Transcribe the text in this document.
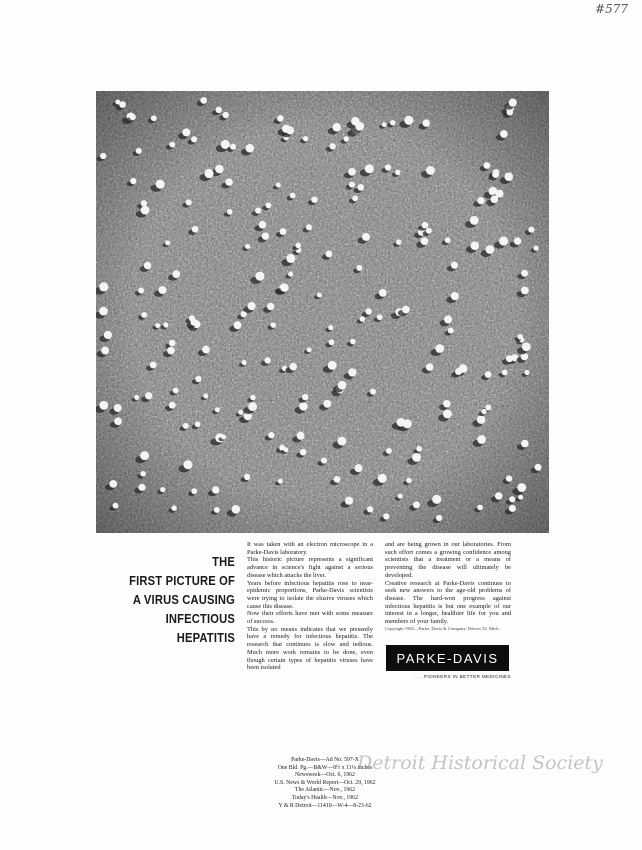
#577
THE
FIRST PICTURE OF
A VIRUS CAUSING
INFECTIOUS
HEPATITIS

It was taken with an electron microscope in a Parke-Davis laboratory.

This historic picture represents a significant advance in science's fight against a serious disease which attacks the liver.

Years before infectious hepatitis rose to near-epidemic proportions, Parke-Davis scientists were trying to isolate the elusive viruses which cause this disease.

Now their efforts have met with some measure of success.

This by no means indicates that we presently have a remedy for infectious hepatitis. The research that continues is slow and tedious. Much more work remains to be done, even though certain types of hepatitis viruses have been isolated

and are being grown in our laboratories. From such effort comes a growing confidence among scientists that a treatment or a means of preventing the disease will ultimately be developed.

Creative research at Parke-Davis continues to seek new answers to the age-old problems of disease. The hard-won progress against infectious hepatitis is but one example of our interest in a longer, healthier life for you and members of your family.

Copyright 1962—Parke, Davis & Company, Detroit 32, Mich.

PARKE-DAVIS
. . . PIONEERS IN BETTER MEDICINES
Parke-Davis—Ad No. 597-X
One Bld. Pg.—B&W—8½ x 11¼ inches
Newsweek—Oct. 6, 1962
U.S. News & World Report—Oct. 29, 1962
The Atlantic—Nov., 1962
Today's Health—Nov., 1962
Y & R Detroit—11410—W-4—8-23-62
Detroit Historical Society
